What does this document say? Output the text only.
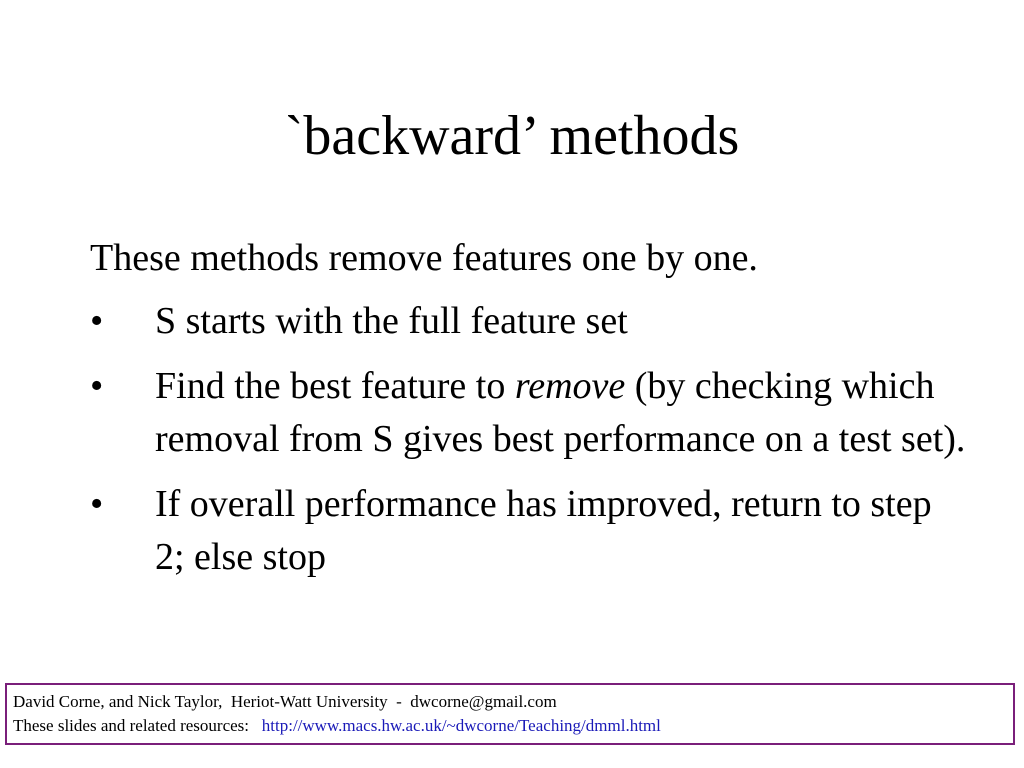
`backward’ methods

These methods remove features one by one.

• S starts with the full feature set
• Find the best feature to remove (by checking which removal from S gives best performance on a test set).
• If overall performance has improved, return to step 2; else stop
David Corne, and Nick Taylor,  Heriot-Watt University  -  dwcorne@gmail.com
These slides and related resources:   http://www.macs.hw.ac.uk/~dwcorne/Teaching/dmml.html
